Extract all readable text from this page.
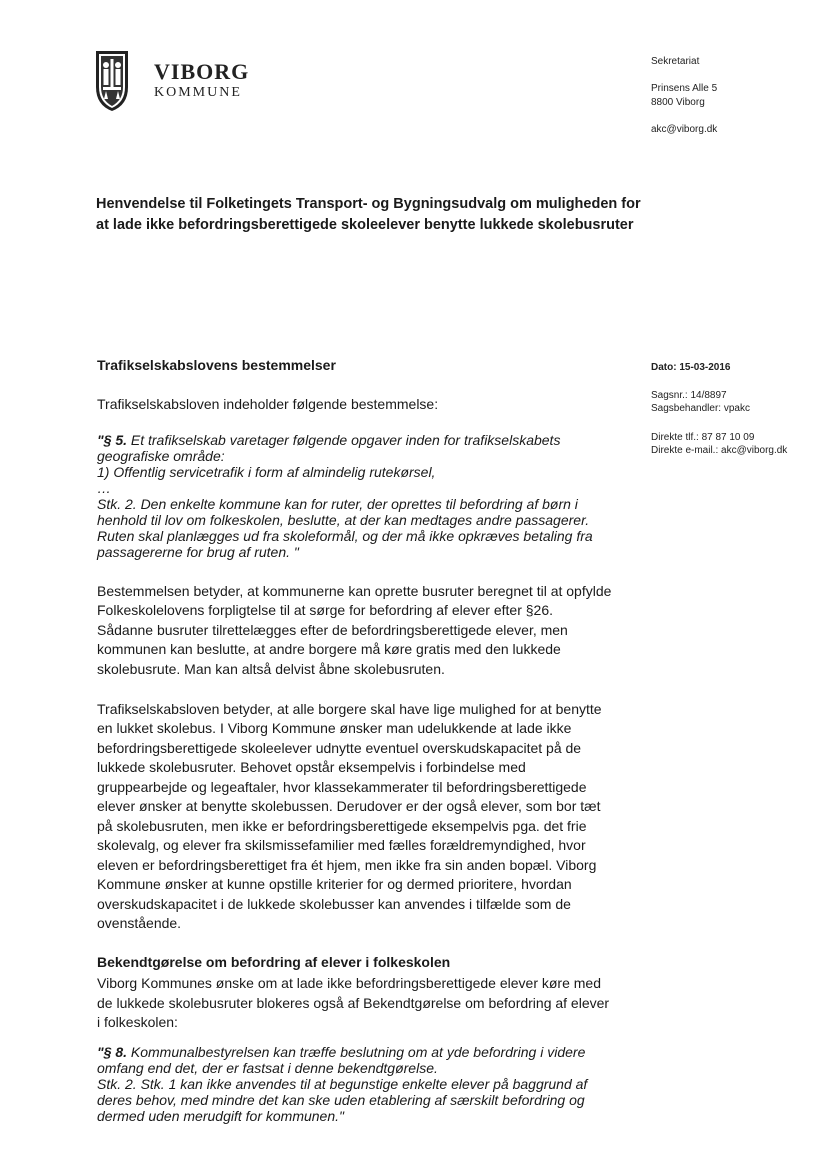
VIBORG
KOMMUNE
Sekretariat
Prinsens Alle 5
8800 Viborg
akc@viborg.dk
Henvendelse til Folketingets Transport- og Bygningsudvalg om muligheden for at lade ikke befordringsberettigede skoleelever benytte lukkede skolebusruter
Dato: 15-03-2016
Sagsnr.: 14/8897
Sagsbehandler: vpakc
Direkte tlf.: 87 87 10 09
Direkte e-mail.: akc@viborg.dk
Trafikselskabslovens bestemmelser
Trafikselskabsloven indeholder følgende bestemmelse:
"§ 5. Et trafikselskab varetager følgende opgaver inden for trafikselskabets
geografiske område:
1) Offentlig servicetrafik i form af almindelig rutekørsel,
…
Stk. 2. Den enkelte kommune kan for ruter, der oprettes til befordring af børn i
henhold til lov om folkeskolen, beslutte, at der kan medtages andre passagerer.
Ruten skal planlægges ud fra skoleformål, og der må ikke opkræves betaling fra
passagererne for brug af ruten. "
Bestemmelsen betyder, at kommunerne kan oprette busruter beregnet til at opfylde
Folkeskolelovens forpligtelse til at sørge for befordring af elever efter §26.
Sådanne busruter tilrettelægges efter de befordringsberettigede elever, men
kommunen kan beslutte, at andre borgere må køre gratis med den lukkede
skolebusrute. Man kan altså delvist åbne skolebusruten.
Trafikselskabsloven betyder, at alle borgere skal have lige mulighed for at benytte
en lukket skolebus. I Viborg Kommune ønsker man udelukkende at lade ikke
befordringsberettigede skoleelever udnytte eventuel overskudskapacitet på de
lukkede skolebusruter. Behovet opstår eksempelvis i forbindelse med
gruppearbejde og legeaftaler, hvor klassekammerater til befordringsberettigede
elever ønsker at benytte skolebussen. Derudover er der også elever, som bor tæt
på skolebusruten, men ikke er befordringsberettigede eksempelvis pga. det frie
skolevalg, og elever fra skilsmissefamilier med fælles forældremyndighed, hvor
eleven er befordringsberettiget fra ét hjem, men ikke fra sin anden bopæl. Viborg
Kommune ønsker at kunne opstille kriterier for og dermed prioritere, hvordan
overskudskapacitet i de lukkede skolebusser kan anvendes i tilfælde som de
ovenstående.
Bekendtgørelse om befordring af elever i folkeskolen
Viborg Kommunes ønske om at lade ikke befordringsberettigede elever køre med
de lukkede skolebusruter blokeres også af Bekendtgørelse om befordring af elever
i folkeskolen:
"§ 8. Kommunalbestyrelsen kan træffe beslutning om at yde befordring i videre
omfang end det, der er fastsat i denne bekendtgørelse.
Stk. 2. Stk. 1 kan ikke anvendes til at begunstige enkelte elever på baggrund af
deres behov, med mindre det kan ske uden etablering af særskilt befordring og
dermed uden merudgift for kommunen."
